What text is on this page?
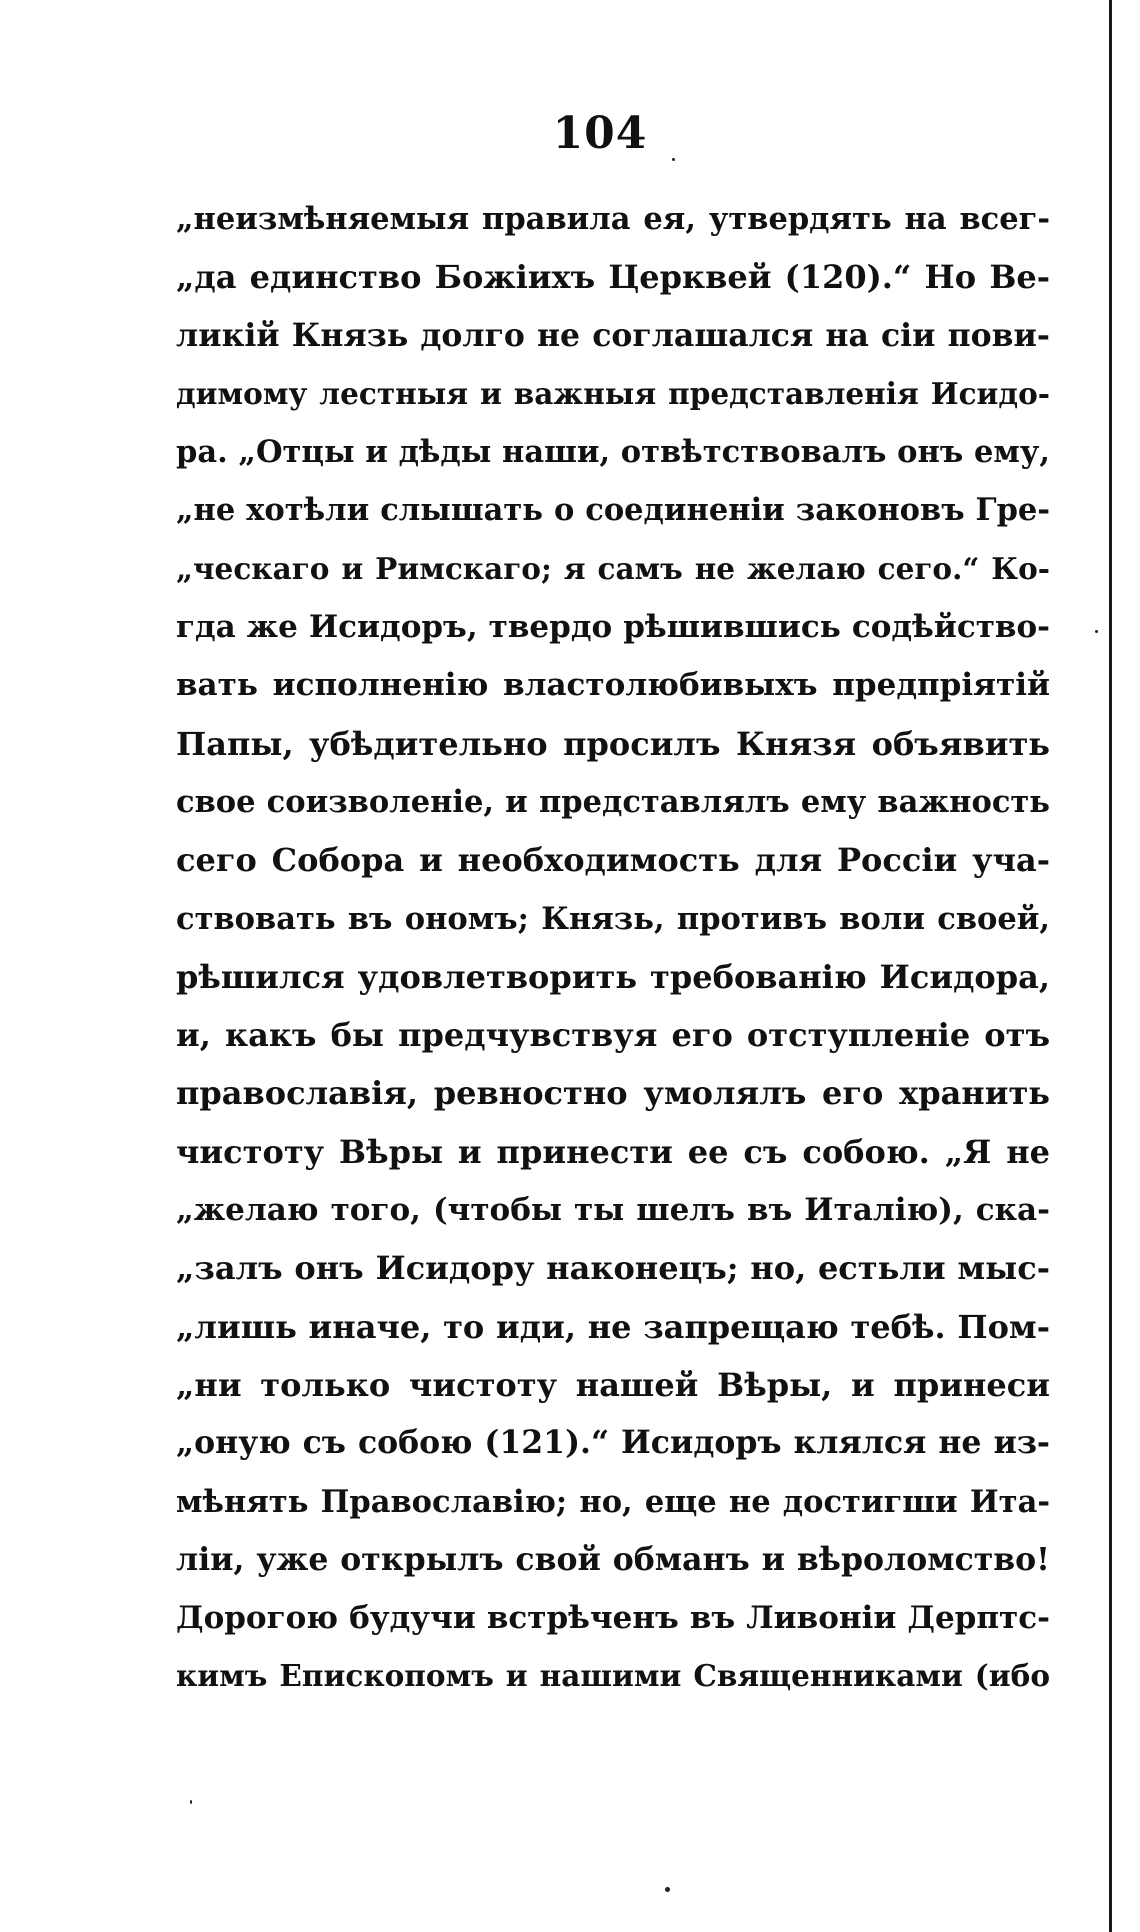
104
„неизмѣняемыя правила ея, утвердять на всег-
„да единство Божіихъ Церквей (120).“ Но Ве-
ликій Князь долго не соглашался на сіи пови-
димому лестныя и важныя представленія Исидо-
ра. „Отцы и дѣды наши, отвѣтствовалъ онъ ему,
„не хотѣли слышать о соединеніи законовъ Гре-
„ческаго и Римскаго; я самъ не желаю сего.“ Ко-
гда же Исидоръ, твердо рѣшившись содѣйство-
вать исполненію властолюбивыхъ предпріятій
Папы, убѣдительно просилъ Князя объявить
свое соизволеніе, и представлялъ ему важность
сего Собора и необходимость для Россіи уча-
ствовать въ ономъ; Князь, противъ воли своей,
рѣшился удовлетворить требованію Исидора,
и, какъ бы предчувствуя его отступленіе отъ
православія, ревностно умолялъ его хранить
чистоту Вѣры и принести ее съ собою. „Я не
„желаю того, (чтобы ты шелъ въ Италію), ска-
„залъ онъ Исидору наконецъ; но, естьли мыс-
„лишь иначе, то иди, не запрещаю тебѣ. Пом-
„ни только чистоту нашей Вѣры, и принеси
„оную съ собою (121).“ Исидоръ клялся не из-
мѣнять Православію; но, еще не достигши Ита-
ліи, уже открылъ свой обманъ и вѣроломство!
Дорогою будучи встрѣченъ въ Ливоніи Дерптс-
кимъ Епископомъ и нашими Священниками (ибо
